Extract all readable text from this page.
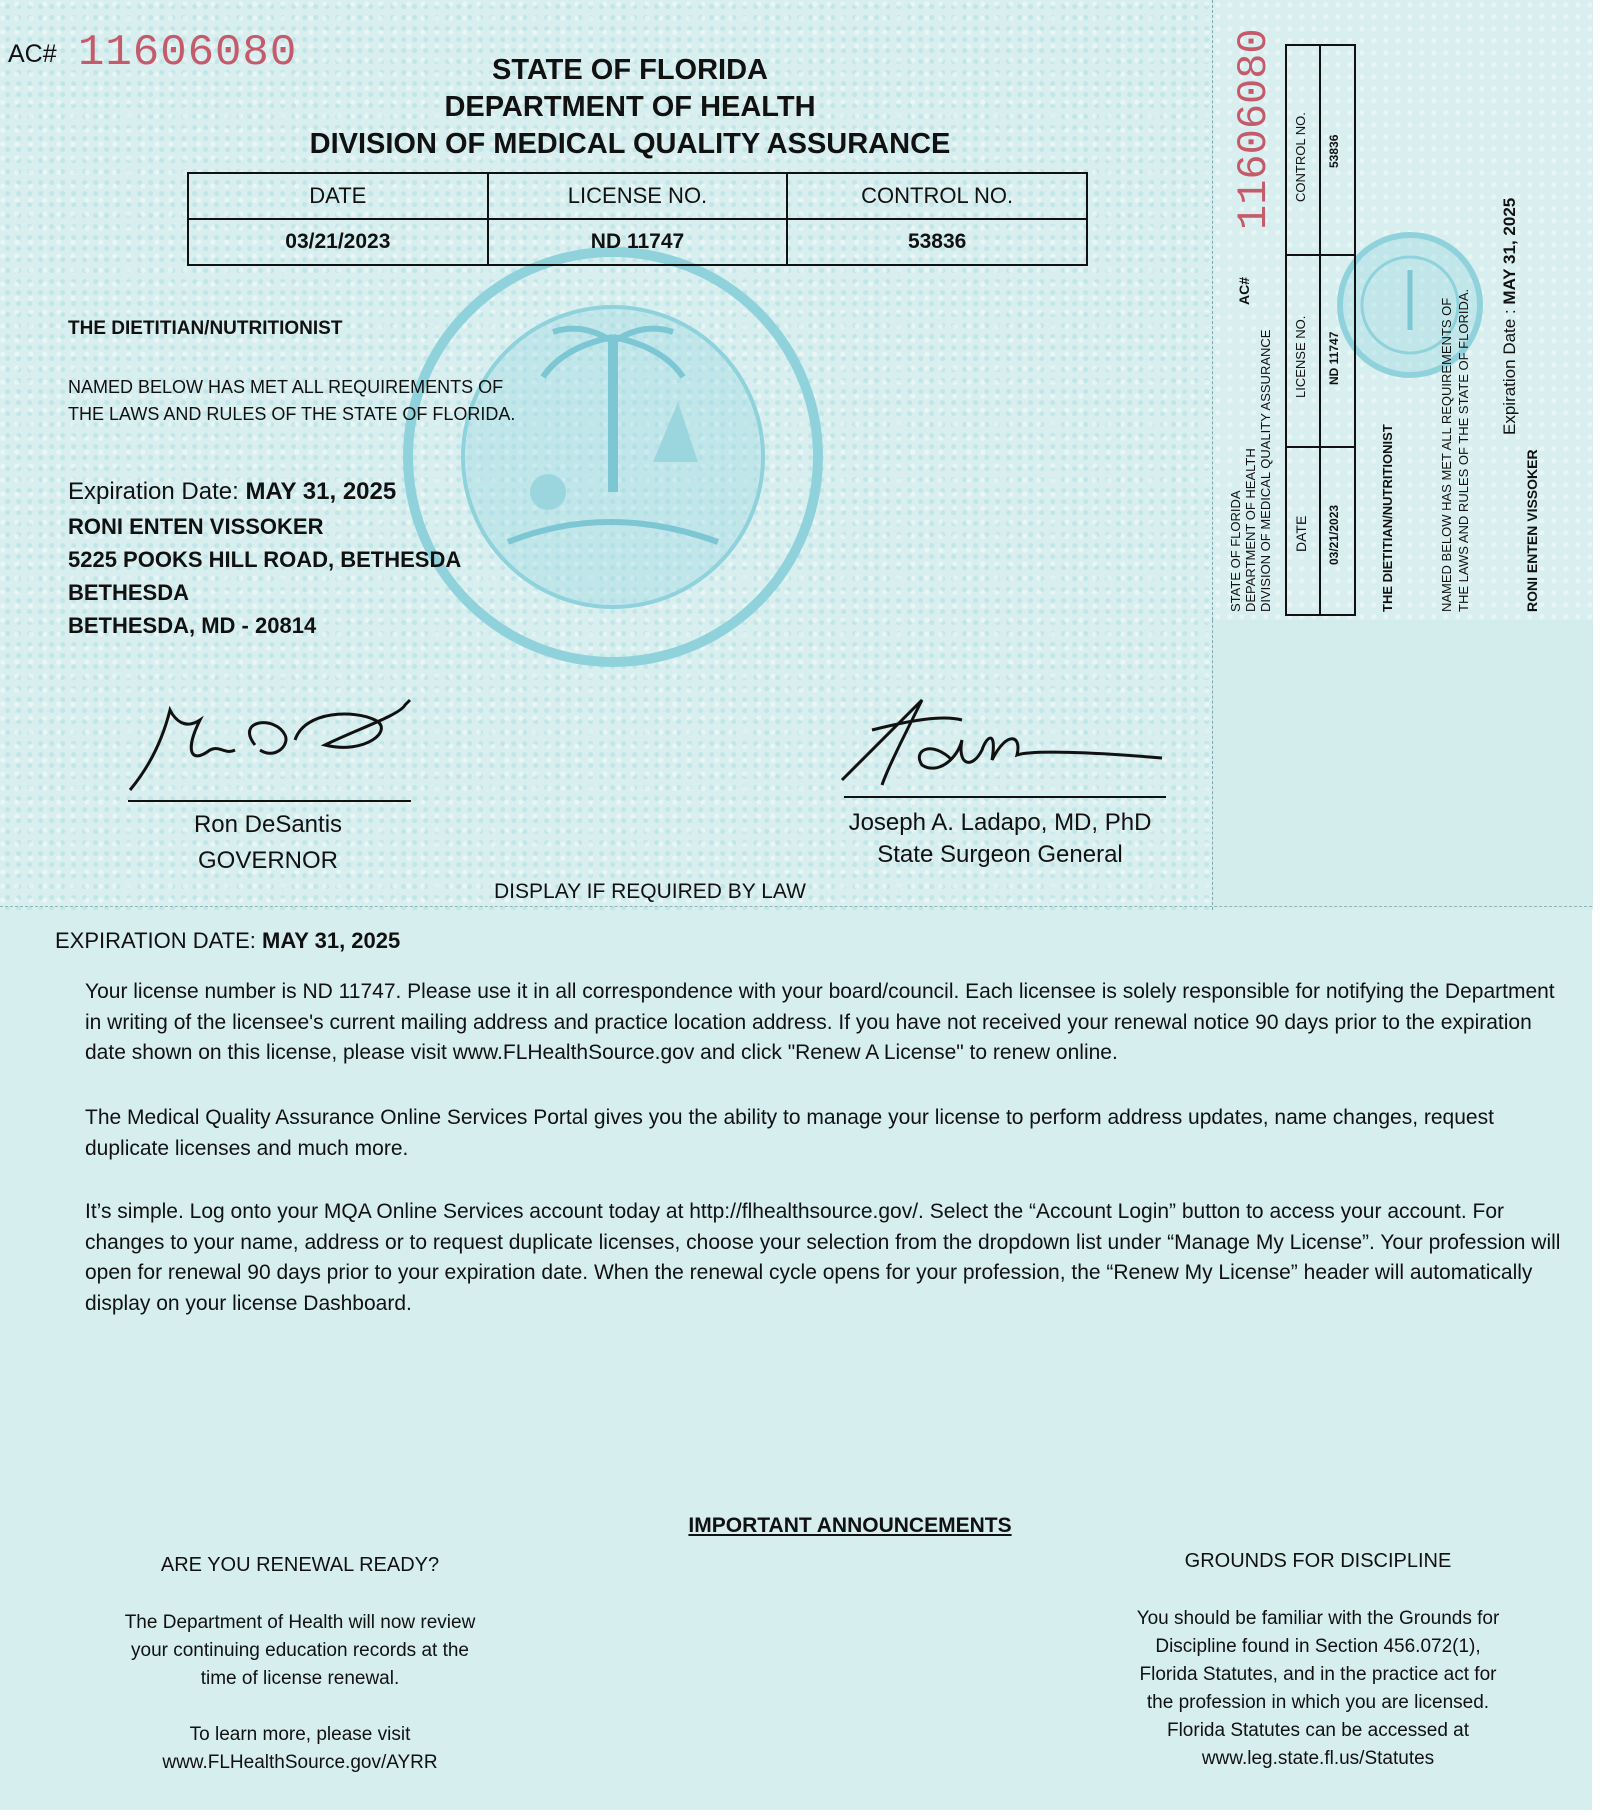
AC# 11606080	STATE OF FLORIDA
DEPARTMENT OF HEALTH
DIVISION OF MEDICAL QUALITY ASSURANCE
DATE	LICENSE NO.	CONTROL NO.
03/21/2023	ND 11747	53836
THE DIETITIAN/NUTRITIONIST
NAMED BELOW HAS MET ALL REQUIREMENTS OF
THE LAWS AND RULES OF THE STATE OF FLORIDA.
Expiration Date: MAY 31, 2025
RONI ENTEN VISSOKER
5225 POOKS HILL ROAD, BETHESDA
BETHESDA
BETHESDA, MD - 20814
Ron DeSantis
GOVERNOR
Joseph A. Ladapo, MD, PhD
State Surgeon General
DISPLAY IF REQUIRED BY LAW
11606080
AC#
STATE OF FLORIDA DEPARTMENT OF HEALTH DIVISION OF MEDICAL QUALITY ASSURANCE DATE 03/21/2023
LICENSE NO. ND 11747
CONTROL NO. 53836
THE DIETITIAN/NUTRITIONIST	NAMED BELOW HAS MET ALL REQUIREMENTS OF THE LAWS AND RULES OF THE STATE OF FLORIDA. Expiration Date : MAY 31, 2025
RONI ENTEN VISSOKER
EXPIRATION DATE: MAY 31, 2025
Your license number is ND 11747. Please use it in all correspondence with your board/council. Each licensee is solely responsible for notifying the Department in writing of the licensee's current mailing address and practice location address. If you have not received your renewal notice 90 days prior to the expiration date shown on this license, please visit www.FLHealthSource.gov and click "Renew A License" to renew online.
The Medical Quality Assurance Online Services Portal gives you the ability to manage your license to perform address updates, name changes, request duplicate licenses and much more.
It’s simple. Log onto your MQA Online Services account today at http://flhealthsource.gov/. Select the “Account Login” button to access your account. For changes to your name, address or to request duplicate licenses, choose your selection from the dropdown list under “Manage My License”. Your profession will open for renewal 90 days prior to your expiration date. When the renewal cycle opens for your profession, the “Renew My License” header will automatically display on your license Dashboard.
IMPORTANT ANNOUNCEMENTS
ARE YOU RENEWAL READY?
The Department of Health will now review
your continuing education records at the
time of license renewal.
To learn more, please visit
www.FLHealthSource.gov/AYRR
GROUNDS FOR DISCIPLINE
You should be familiar with the Grounds for
Discipline found in Section 456.072(1),
Florida Statutes, and in the practice act for
the profession in which you are licensed.
Florida Statutes can be accessed at
www.leg.state.fl.us/Statutes
